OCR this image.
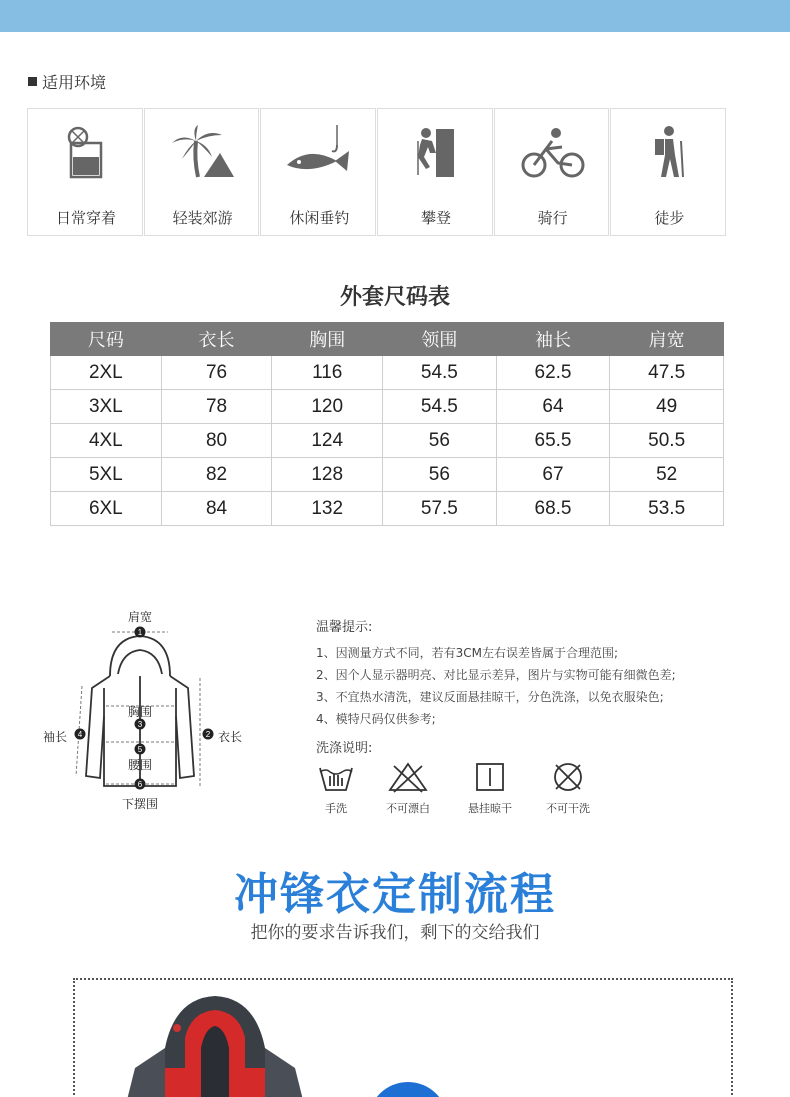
适用环境
日常穿着	轻装郊游	休闲垂钓	攀登	骑行	徒步
外套尺码表
尺码	衣长	胸围	领围	袖长	肩宽
2XL	76	116	54.5	62.5	47.5
3XL	78	120	54.5	64	49
4XL	80	124	56	65.5	50.5
5XL	82	128	56	67	52
6XL	84	132	57.5	68.5	53.5
1
2
3
4
5
6
肩宽
袖长	衣长
胸围
腰围
下摆围
温馨提示:
1、因测量方式不同，若有3CM左右误差皆属于合理范围;
2、因个人显示器明亮、对比显示差异，图片与实物可能有细微色差;
3、不宜热水清洗，建议反面悬挂晾干，分色洗涤，以免衣服染色;
4、模特尺码仅供参考;
洗涤说明:
手洗	不可漂白	悬挂晾干	不可干洗
冲锋衣定制流程
把你的要求告诉我们，剩下的交给我们
